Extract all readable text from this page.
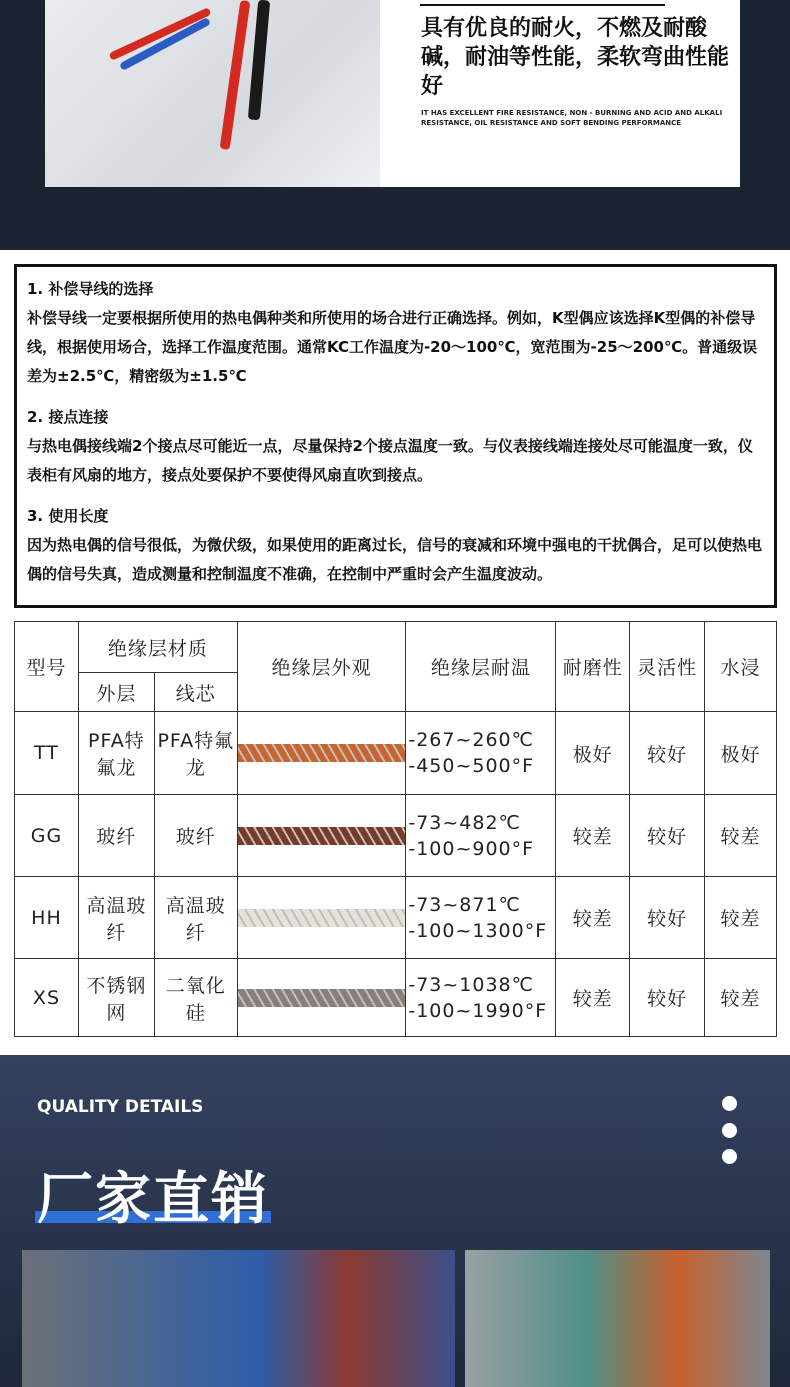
具有优良的耐火，不燃及耐酸碱，耐油等性能，柔软弯曲性能好
IT HAS EXCELLENT FIRE RESISTANCE, NON - BURNING AND ACID AND ALKALI RESISTANCE, OIL RESISTANCE AND SOFT BENDING PERFORMANCE

1. 补偿导线的选择

补偿导线一定要根据所使用的热电偶种类和所使用的场合进行正确选择。例如，K型偶应该选择K型偶的补偿导线，根据使用场合，选择工作温度范围。通常KC工作温度为-20～100℃，宽范围为-25～200℃。普通级误差为±2.5℃，精密级为±1.5℃

2. 接点连接

与热电偶接线端2个接点尽可能近一点，尽量保持2个接点温度一致。与仪表接线端连接处尽可能温度一致，仪表柜有风扇的地方，接点处要保护不要使得风扇直吹到接点。

3. 使用长度

因为热电偶的信号很低，为微伏级，如果使用的距离过长，信号的衰减和环境中强电的干扰偶合，足可以使热电偶的信号失真，造成测量和控制温度不准确，在控制中严重时会产生温度波动。

型号	绝缘层材质		绝缘层外观	绝缘层耐温	耐磨性	灵活性	水浸
	外层	线芯					
TT	PFA特氟龙	PFA特氟龙		-267~260℃
-450~500°F	极好	较好	极好
GG	玻纤	玻纤		-73~482℃
-100~900°F	较差	较好	较差
HH	高温玻纤	高温玻纤		-73~871℃
-100~1300°F	较差	较好	较差
XS	不锈钢网	二氧化硅		-73~1038℃
-100~1990°F	较差	较好	较差
QUALITY DETAILS
厂家直销
